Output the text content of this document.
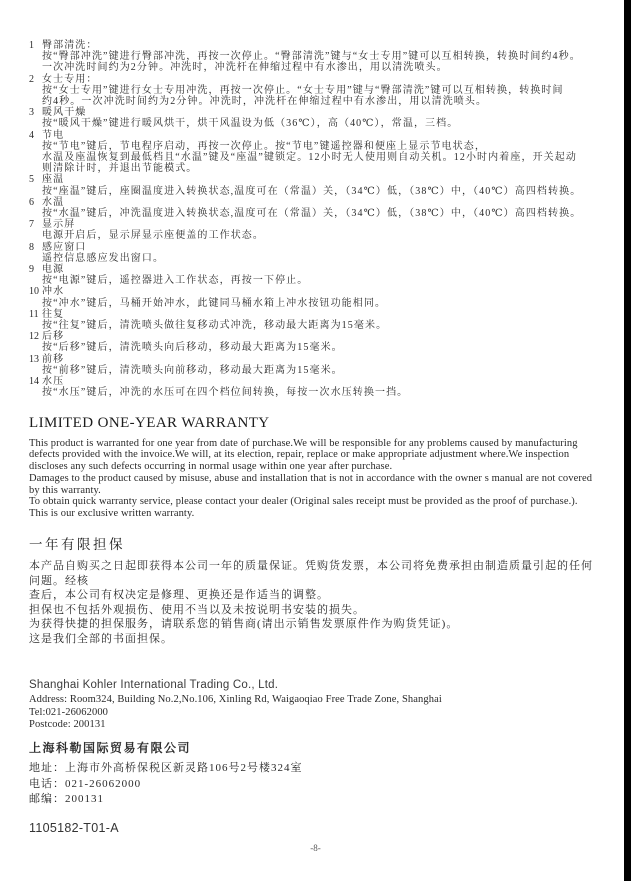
1 臀部清洗：
按“臀部冲洗”键进行臀部冲洗，再按一次停止。“臀部清洗”键与“女士专用”键可以互相转换，转换时间约4秒。
一次冲洗时间约为2分钟。冲洗时，冲洗杆在伸缩过程中有水渗出，用以清洗喷头。
2 女士专用：
按“女士专用”键进行女士专用冲洗，再按一次停止。“女士专用”键与“臀部清洗”键可以互相转换，转换时间
约4秒。一次冲洗时间约为2分钟。冲洗时，冲洗杆在伸缩过程中有水渗出，用以清洗喷头。
3 暖风干燥
按“暖风干燥”键进行暖风烘干，烘干风温设为低（36℃），高（40℃），常温，三档。
4 节电
按“节电”键后，节电程序启动，再按一次停止。按“节电”键遥控器和便座上显示节电状态，
水温及座温恢复到最低档且“水温”键及“座温”键锁定。12小时无人使用则自动关机。12小时内着座，开关起动
则清除计时，并退出节能模式。
5 座温
按“座温”键后，座圈温度进入转换状态,温度可在（常温）关，（34℃）低，（38℃）中，（40℃）高四档转换。
6 水温
按“水温”键后，冲洗温度进入转换状态,温度可在（常温）关，（34℃）低，（38℃）中，（40℃）高四档转换。
7 显示屏
电源开启后，显示屏显示座便盖的工作状态。
8 感应窗口
遥控信息感应发出窗口。
9 电源
按“电源”键后，遥控器进入工作状态，再按一下停止。
10 冲水
按“冲水”键后，马桶开始冲水，此键同马桶水箱上冲水按钮功能相同。
11 往复
按“往复”键后，清洗喷头做往复移动式冲洗，移动最大距离为15毫米。
12 后移
按“后移”键后，清洗喷头向后移动，移动最大距离为15毫米。
13 前移
按“前移”键后，清洗喷头向前移动，移动最大距离为15毫米。
14 水压
按“水压”键后，冲洗的水压可在四个档位间转换，每按一次水压转换一挡。
LIMITED ONE-YEAR WARRANTY
This product is warranted for one year from date of purchase.We will be responsible for any problems caused by manufacturing
defects provided with the invoice.We will, at its election, repair, replace or make appropriate adjustment where.We inspection
discloses any such defects occurring in normal usage within one year after purchase.
Damages to the product caused by misuse, abuse and installation that is not in accordance with the owner s manual are not covered
by this warranty.
To obtain quick warranty service, please contact your dealer (Original sales receipt must be provided as the proof of purchase.).
This is our exclusive written warranty.
一年有限担保
本产品自购买之日起即获得本公司一年的质量保证。凭购货发票，本公司将免费承担由制造质量引起的任何问题。经核
查后，本公司有权决定是修理、更换还是作适当的调整。
担保也不包括外观损伤、使用不当以及未按说明书安装的损失。
为获得快捷的担保服务，请联系您的销售商(请出示销售发票原件作为购货凭证)。
这是我们全部的书面担保。
Shanghai Kohler International Trading Co., Ltd.
Address: Room324, Building No.2,No.106, Xinling Rd, Waigaoqiao Free Trade Zone, Shanghai
Tel:021-26062000
Postcode: 200131
上海科勒国际贸易有限公司
地址：上海市外高桥保税区新灵路106号2号楼324室
电话：021-26062000
邮编：200131
1105182-T01-A
-8-
